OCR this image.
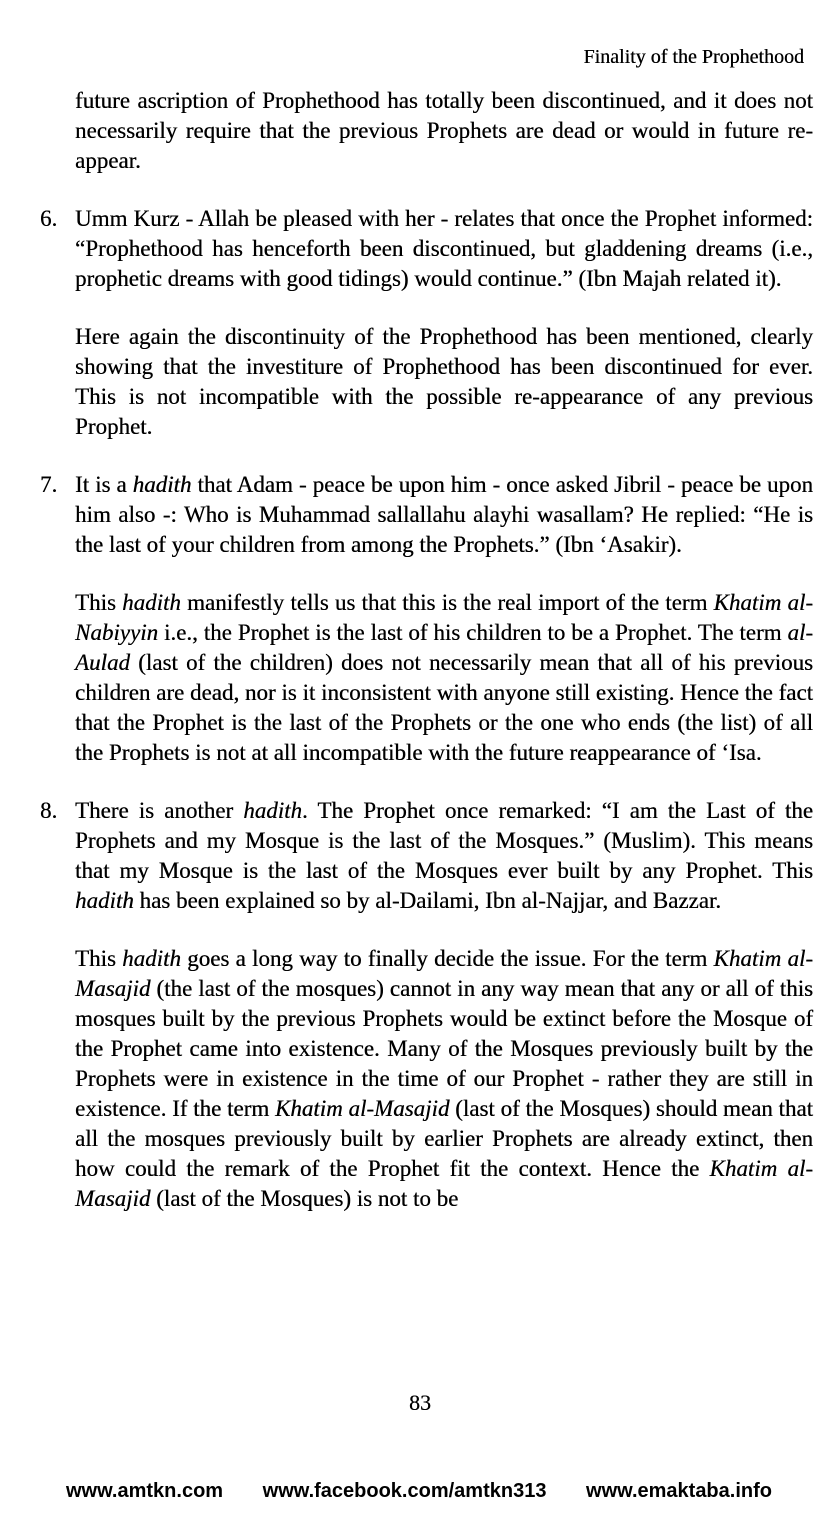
Finality of the Prophethood
future ascription of Prophethood has totally been discontinued, and it does not necessarily require that the previous Prophets are dead or would in future re-appear.
6. Umm Kurz - Allah be pleased with her - relates that once the Prophet informed: “Prophethood has henceforth been discontinued, but gladdening dreams (i.e., prophetic dreams with good tidings) would continue.” (Ibn Majah related it).
Here again the discontinuity of the Prophethood has been mentioned, clearly showing that the investiture of Prophethood has been discontinued for ever. This is not incompatible with the possible re-appearance of any previous Prophet.
7. It is a hadith that Adam - peace be upon him - once asked Jibril - peace be upon him also -: Who is Muhammad sallallahu alayhi wasallam? He replied: “He is the last of your children from among the Prophets.” (Ibn ‘Asakir).
This hadith manifestly tells us that this is the real import of the term Khatim al-Nabiyyin i.e., the Prophet is the last of his children to be a Prophet. The term al-Aulad (last of the children) does not necessarily mean that all of his previous children are dead, nor is it inconsistent with anyone still existing. Hence the fact that the Prophet is the last of the Prophets or the one who ends (the list) of all the Prophets is not at all incompatible with the future reappearance of ‘Isa.
8. There is another hadith. The Prophet once remarked: “I am the Last of the Prophets and my Mosque is the last of the Mosques.” (Muslim). This means that my Mosque is the last of the Mosques ever built by any Prophet. This hadith has been explained so by al-Dailami, Ibn al-Najjar, and Bazzar.
This hadith goes a long way to finally decide the issue. For the term Khatim al-Masajid (the last of the mosques) cannot in any way mean that any or all of this mosques built by the previous Prophets would be extinct before the Mosque of the Prophet came into existence. Many of the Mosques previously built by the Prophets were in existence in the time of our Prophet - rather they are still in existence. If the term Khatim al-Masajid (last of the Mosques) should mean that all the mosques previously built by earlier Prophets are already extinct, then how could the remark of the Prophet fit the context. Hence the Khatim al-Masajid (last of the Mosques) is not to be
83
www.amtkn.com www.facebook.com/amtkn313 www.emaktaba.info
